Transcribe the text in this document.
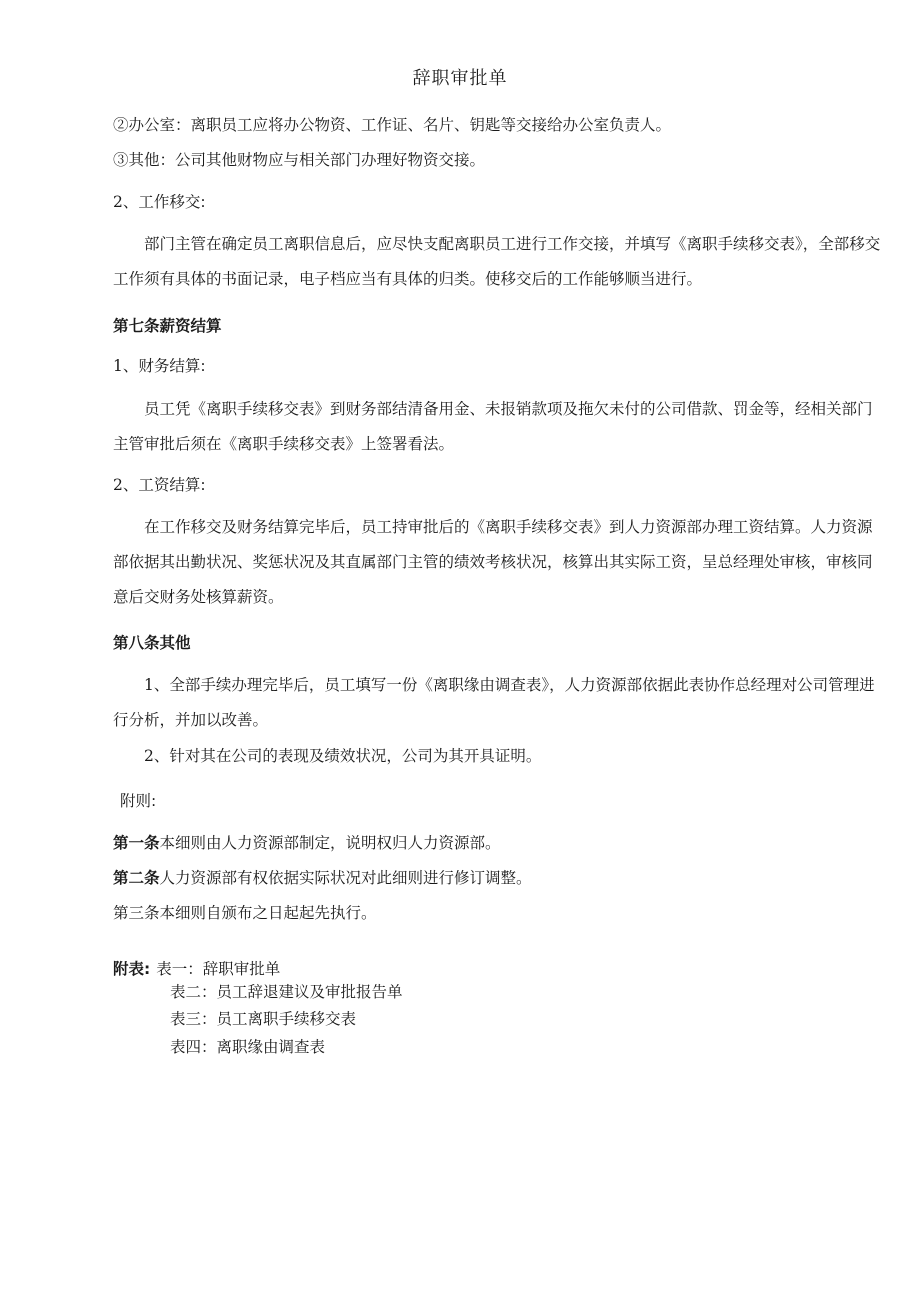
辞职审批单

②办公室：离职员工应将办公物资、工作证、名片、钥匙等交接给办公室负责人。

③其他：公司其他财物应与相关部门办理好物资交接。

2、工作移交:

部门主管在确定员工离职信息后，应尽快支配离职员工进行工作交接，并填写《离职手续移交表》，全部移交工作须有具体的书面记录，电子档应当有具体的归类。使移交后的工作能够顺当进行。

第七条薪资结算

1、财务结算:

员工凭《离职手续移交表》到财务部结清备用金、未报销款项及拖欠未付的公司借款、罚金等，经相关部门主管审批后须在《离职手续移交表》上签署看法。

2、工资结算:

在工作移交及财务结算完毕后，员工持审批后的《离职手续移交表》到人力资源部办理工资结算。人力资源部依据其出勤状况、奖惩状况及其直属部门主管的绩效考核状况，核算出其实际工资，呈总经理处审核，审核同意后交财务处核算薪资。

第八条其他

1、全部手续办理完毕后，员工填写一份《离职缘由调查表》，人力资源部依据此表协作总经理对公司管理进行分析，并加以改善。

2、针对其在公司的表现及绩效状况，公司为其开具证明。

附则:

第一条本细则由人力资源部制定，说明权归人力资源部。

第二条人力资源部有权依据实际状况对此细则进行修订调整。

第三条本细则自颁布之日起起先执行。

附表: 表一：辞职审批单
表二：员工辞退建议及审批报告单
表三：员工离职手续移交表
表四：离职缘由调查表
